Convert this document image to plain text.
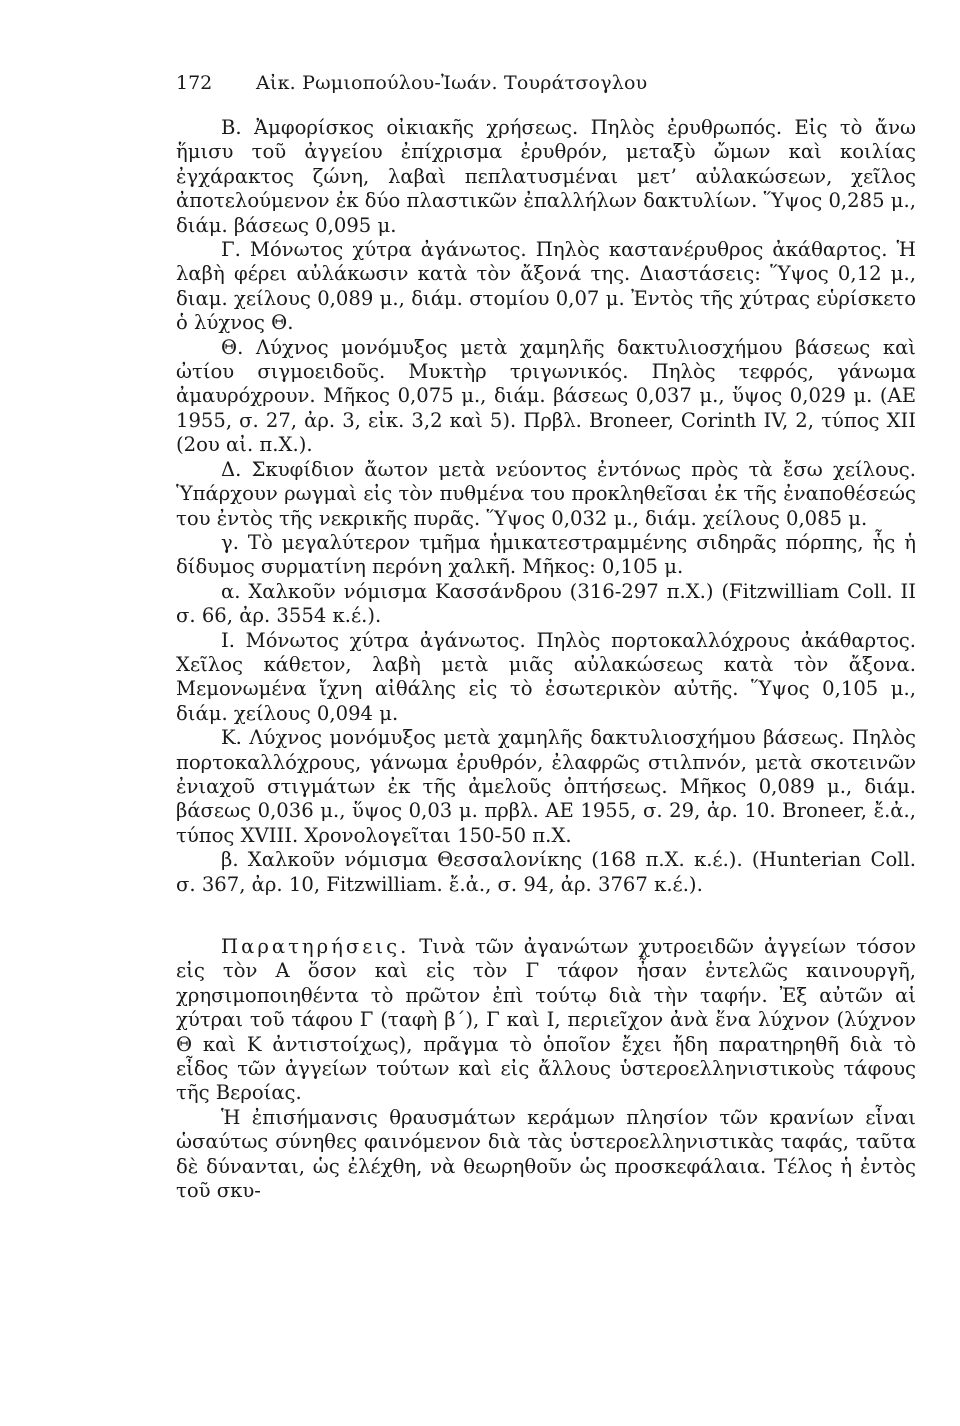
172 Αἰκ. Ρωμιοπούλου-Ἰωάν. Τουράτσογλου

Β. Ἀμφορίσκος οἰκιακῆς χρήσεως. Πηλὸς ἐρυθρωπός. Εἰς τὸ ἄνω ἥμισυ τοῦ ἀγγείου ἐπίχρισμα ἐρυθρόν, μεταξὺ ὤμων καὶ κοιλίας ἐγχάρακτος ζώνη, λαβαὶ πεπλατυσμέναι μετ’ αὐλακώσεων, χεῖλος ἀποτελούμενον ἐκ δύο πλαστικῶν ἐπαλλήλων δακτυλίων. Ὕψος 0,285 μ., διάμ. βάσεως 0,095 μ.

Γ. Μόνωτος χύτρα ἀγάνωτος. Πηλὸς καστανέρυθρος ἀκάθαρτος. Ἡ λαβὴ φέρει αὐλάκωσιν κατὰ τὸν ἄξονά της. Διαστάσεις: Ὕψος 0,12 μ., διαμ. χείλους 0,089 μ., διάμ. στομίου 0,07 μ. Ἐντὸς τῆς χύτρας εὑρίσκετο ὁ λύχνος Θ.

Θ. Λύχνος μονόμυξος μετὰ χαμηλῆς δακτυλιοσχήμου βάσεως καὶ ὠτίου σιγμοειδοῦς. Μυκτὴρ τριγωνικός. Πηλὸς τεφρός, γάνωμα ἀμαυρόχρουν. Μῆκος 0,075 μ., διάμ. βάσεως 0,037 μ., ὕψος 0,029 μ. (ΑΕ 1955, σ. 27, ἀρ. 3, εἰκ. 3,2 καὶ 5). Πρβλ. Broneer, Corinth IV, 2, τύπος XII (2ου αἰ. π.Χ.).

Δ. Σκυφίδιον ἄωτον μετὰ νεύοντος ἐντόνως πρὸς τὰ ἔσω χείλους. Ὑπάρχουν ρωγμαὶ εἰς τὸν πυθμένα του προκληθεῖσαι ἐκ τῆς ἐναποθέσεώς του ἐντὸς τῆς νεκρικῆς πυρᾶς. Ὕψος 0,032 μ., διάμ. χείλους 0,085 μ.

γ. Τὸ μεγαλύτερον τμῆμα ἡμικατεστραμμένης σιδηρᾶς πόρπης, ἧς ἡ δίδυμος συρματίνη περόνη χαλκῆ. Μῆκος: 0,105 μ.

α. Χαλκοῦν νόμισμα Κασσάνδρου (316-297 π.Χ.) (Fitzwilliam Coll. II σ. 66, ἀρ. 3554 κ.έ.).

Ι. Μόνωτος χύτρα ἀγάνωτος. Πηλὸς πορτοκαλλόχρους ἀκάθαρτος. Χεῖλος κάθετον, λαβὴ μετὰ μιᾶς αὐλακώσεως κατὰ τὸν ἄξονα. Μεμονωμένα ἴχνη αἰθάλης εἰς τὸ ἐσωτερικὸν αὐτῆς. Ὕψος 0,105 μ., διάμ. χείλους 0,094 μ.

Κ. Λύχνος μονόμυξος μετὰ χαμηλῆς δακτυλιοσχήμου βάσεως. Πηλὸς πορτοκαλλόχρους, γάνωμα ἐρυθρόν, ἐλαφρῶς στιλπνόν, μετὰ σκοτεινῶν ἐνιαχοῦ στιγμάτων ἐκ τῆς ἀμελοῦς ὀπτήσεως. Μῆκος 0,089 μ., διάμ. βάσεως 0,036 μ., ὕψος 0,03 μ. πρβλ. ΑΕ 1955, σ. 29, ἀρ. 10. Broneer, ἔ.ἀ., τύπος XVIII. Χρονολογεῖται 150-50 π.Χ.

β. Χαλκοῦν νόμισμα Θεσσαλονίκης (168 π.Χ. κ.έ.). (Hunterian Coll. σ. 367, ἀρ. 10, Fitzwilliam. ἔ.ἀ., σ. 94, ἀρ. 3767 κ.έ.).

Παρατηρήσεις. Τινὰ τῶν ἀγανώτων χυτροειδῶν ἀγγείων τόσον εἰς τὸν Α ὅσον καὶ εἰς τὸν Γ τάφον ἦσαν ἐντελῶς καινουργῆ, χρησιμοποιηθέντα τὸ πρῶτον ἐπὶ τούτῳ διὰ τὴν ταφήν. Ἐξ αὐτῶν αἱ χύτραι τοῦ τάφου Γ (ταφὴ β΄), Γ καὶ Ι, περιεῖχον ἀνὰ ἕνα λύχνον (λύχνον Θ καὶ Κ ἀντιστοίχως), πρᾶγμα τὸ ὁποῖον ἔχει ἤδη παρατηρηθῆ διὰ τὸ εἶδος τῶν ἀγγείων τούτων καὶ εἰς ἄλλους ὑστεροελληνιστικοὺς τάφους τῆς Βεροίας.

Ἡ ἐπισήμανσις θραυσμάτων κεράμων πλησίον τῶν κρανίων εἶναι ὡσαύτως σύνηθες φαινόμενον διὰ τὰς ὑστεροελληνιστικὰς ταφάς, ταῦτα δὲ δύνανται, ὡς ἐλέχθη, νὰ θεωρηθοῦν ὡς προσκεφάλαια. Τέλος ἡ ἐντὸς τοῦ σκυ-
